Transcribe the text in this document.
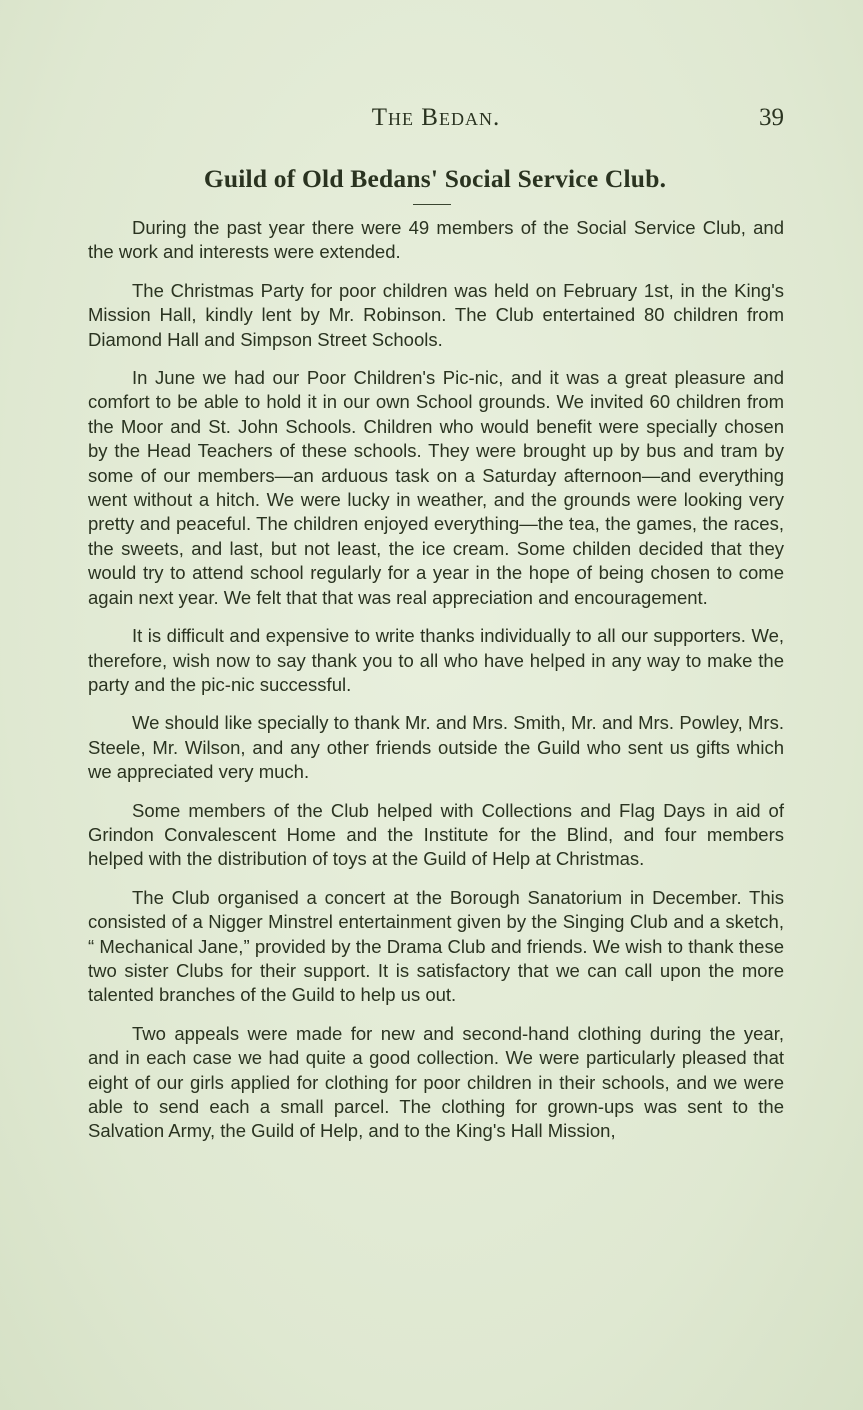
The Bedan.	39
Guild of Old Bedans' Social Service Club.

During the past year there were 49 members of the Social Service Club, and the work and interests were extended.

The Christmas Party for poor children was held on February 1st, in the King's Mission Hall, kindly lent by Mr. Robinson. The Club entertained 80 children from Diamond Hall and Simpson Street Schools.

In June we had our Poor Children's Pic-nic, and it was a great pleasure and comfort to be able to hold it in our own School grounds. We invited 60 children from the Moor and St. John Schools. Children who would benefit were specially chosen by the Head Teachers of these schools. They were brought up by bus and tram by some of our members—an arduous task on a Saturday afternoon—and everything went without a hitch. We were lucky in weather, and the grounds were looking very pretty and peaceful. The children enjoyed everything—the tea, the games, the races, the sweets, and last, but not least, the ice cream. Some childen decided that they would try to attend school regularly for a year in the hope of being chosen to come again next year. We felt that that was real appreciation and encouragement.

It is difficult and expensive to write thanks individually to all our supporters. We, therefore, wish now to say thank you to all who have helped in any way to make the party and the pic-nic successful.

We should like specially to thank Mr. and Mrs. Smith, Mr. and Mrs. Powley, Mrs. Steele, Mr. Wilson, and any other friends outside the Guild who sent us gifts which we appreciated very much.

Some members of the Club helped with Collections and Flag Days in aid of Grindon Convalescent Home and the Institute for the Blind, and four members helped with the distribution of toys at the Guild of Help at Christmas.

The Club organised a concert at the Borough Sanatorium in December. This consisted of a Nigger Minstrel entertainment given by the Singing Club and a sketch, “ Mechanical Jane,” provided by the Drama Club and friends. We wish to thank these two sister Clubs for their support. It is satisfactory that we can call upon the more talented branches of the Guild to help us out.

Two appeals were made for new and second-hand clothing during the year, and in each case we had quite a good collection. We were particularly pleased that eight of our girls applied for clothing for poor children in their schools, and we were able to send each a small parcel. The clothing for grown-ups was sent to the Salvation Army, the Guild of Help, and to the King's Hall Mission,
